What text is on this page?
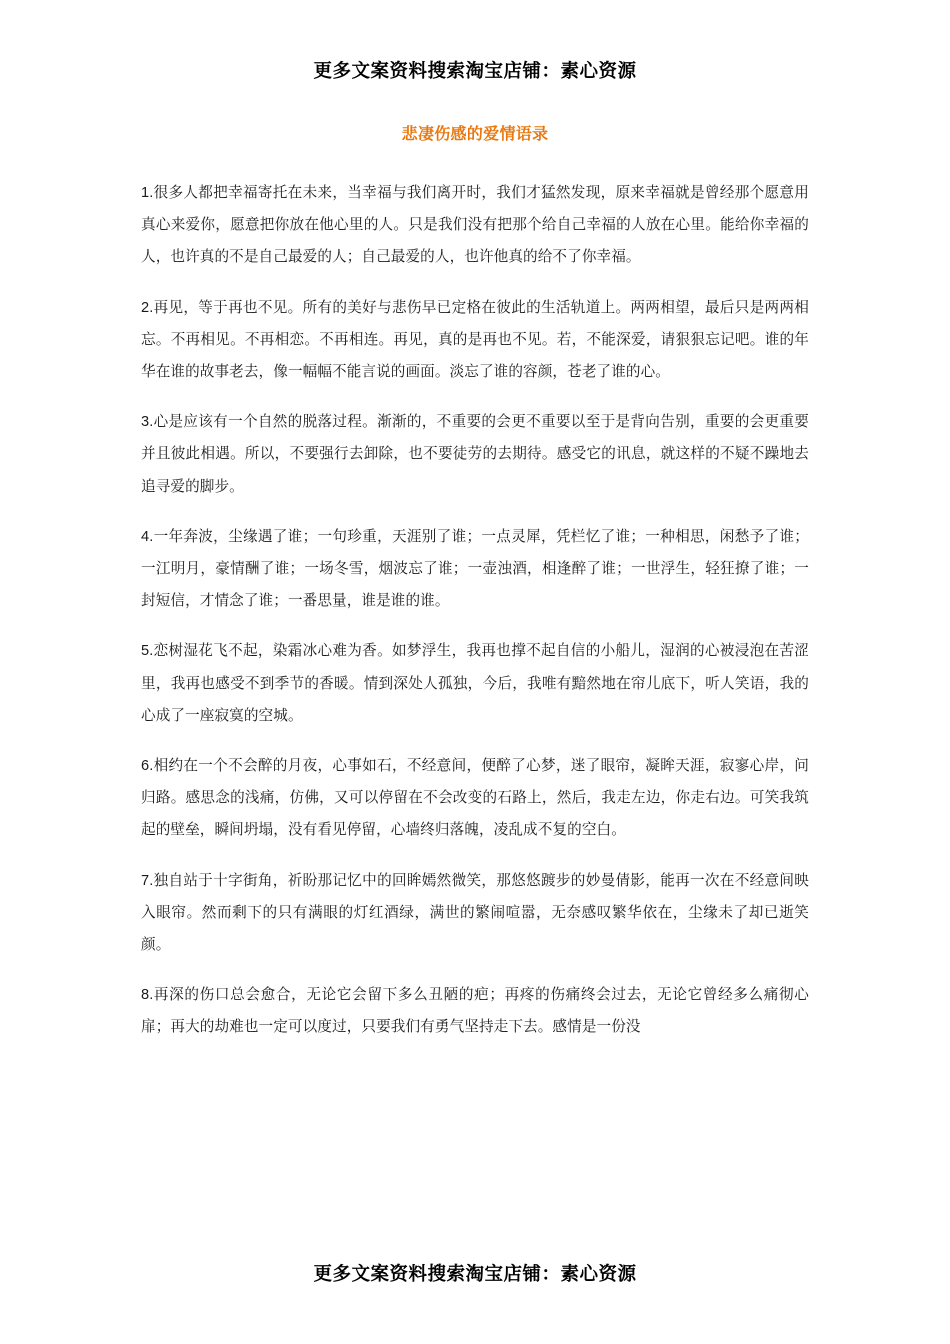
更多文案资料搜索淘宝店铺：素心资源
悲凄伤感的爱情语录

1.很多人都把幸福寄托在未来，当幸福与我们离开时，我们才猛然发现，原来幸福就是曾经那个愿意用真心来爱你，愿意把你放在他心里的人。只是我们没有把那个给自己幸福的人放在心里。能给你幸福的人，也许真的不是自己最爱的人；自己最爱的人，也许他真的给不了你幸福。

2.再见，等于再也不见。所有的美好与悲伤早已定格在彼此的生活轨道上。两两相望，最后只是两两相忘。不再相见。不再相恋。不再相连。再见，真的是再也不见。若，不能深爱，请狠狠忘记吧。谁的年华在谁的故事老去，像一幅幅不能言说的画面。淡忘了谁的容颜，苍老了谁的心。

3.心是应该有一个自然的脱落过程。渐渐的，不重要的会更不重要以至于是背向告别，重要的会更重要并且彼此相遇。所以，不要强行去卸除，也不要徒劳的去期待。感受它的讯息，就这样的不疑不躁地去追寻爱的脚步。

4.一年奔波，尘缘遇了谁；一句珍重，天涯别了谁；一点灵犀，凭栏忆了谁；一种相思，闲愁予了谁；一江明月，豪情酬了谁；一场冬雪，烟波忘了谁；一壶浊酒，相逢醉了谁；一世浮生，轻狂撩了谁；一封短信，才情念了谁；一番思量，谁是谁的谁。

5.恋树湿花飞不起，染霜冰心难为香。如梦浮生，我再也撑不起自信的小船儿，湿润的心被浸泡在苦涩里，我再也感受不到季节的香暖。情到深处人孤独，今后，我唯有黯然地在帘儿底下，听人笑语，我的心成了一座寂寞的空城。

6.相约在一个不会醉的月夜，心事如石，不经意间，便醉了心梦，迷了眼帘，凝眸天涯，寂寥心岸，问归路。感思念的浅痛，仿佛，又可以停留在不会改变的石路上，然后，我走左边，你走右边。可笑我筑起的壁垒，瞬间坍塌，没有看见停留，心墙终归落魄，凌乱成不复的空白。

7.独自站于十字街角，祈盼那记忆中的回眸嫣然微笑，那悠悠踱步的妙曼倩影，能再一次在不经意间映入眼帘。然而剩下的只有满眼的灯红酒绿，满世的繁闹喧嚣，无奈感叹繁华依在，尘缘未了却已逝笑颜。

8.再深的伤口总会愈合，无论它会留下多么丑陋的疤；再疼的伤痛终会过去，无论它曾经多么痛彻心扉；再大的劫难也一定可以度过，只要我们有勇气坚持走下去。感情是一份没

更多文案资料搜索淘宝店铺：素心资源
